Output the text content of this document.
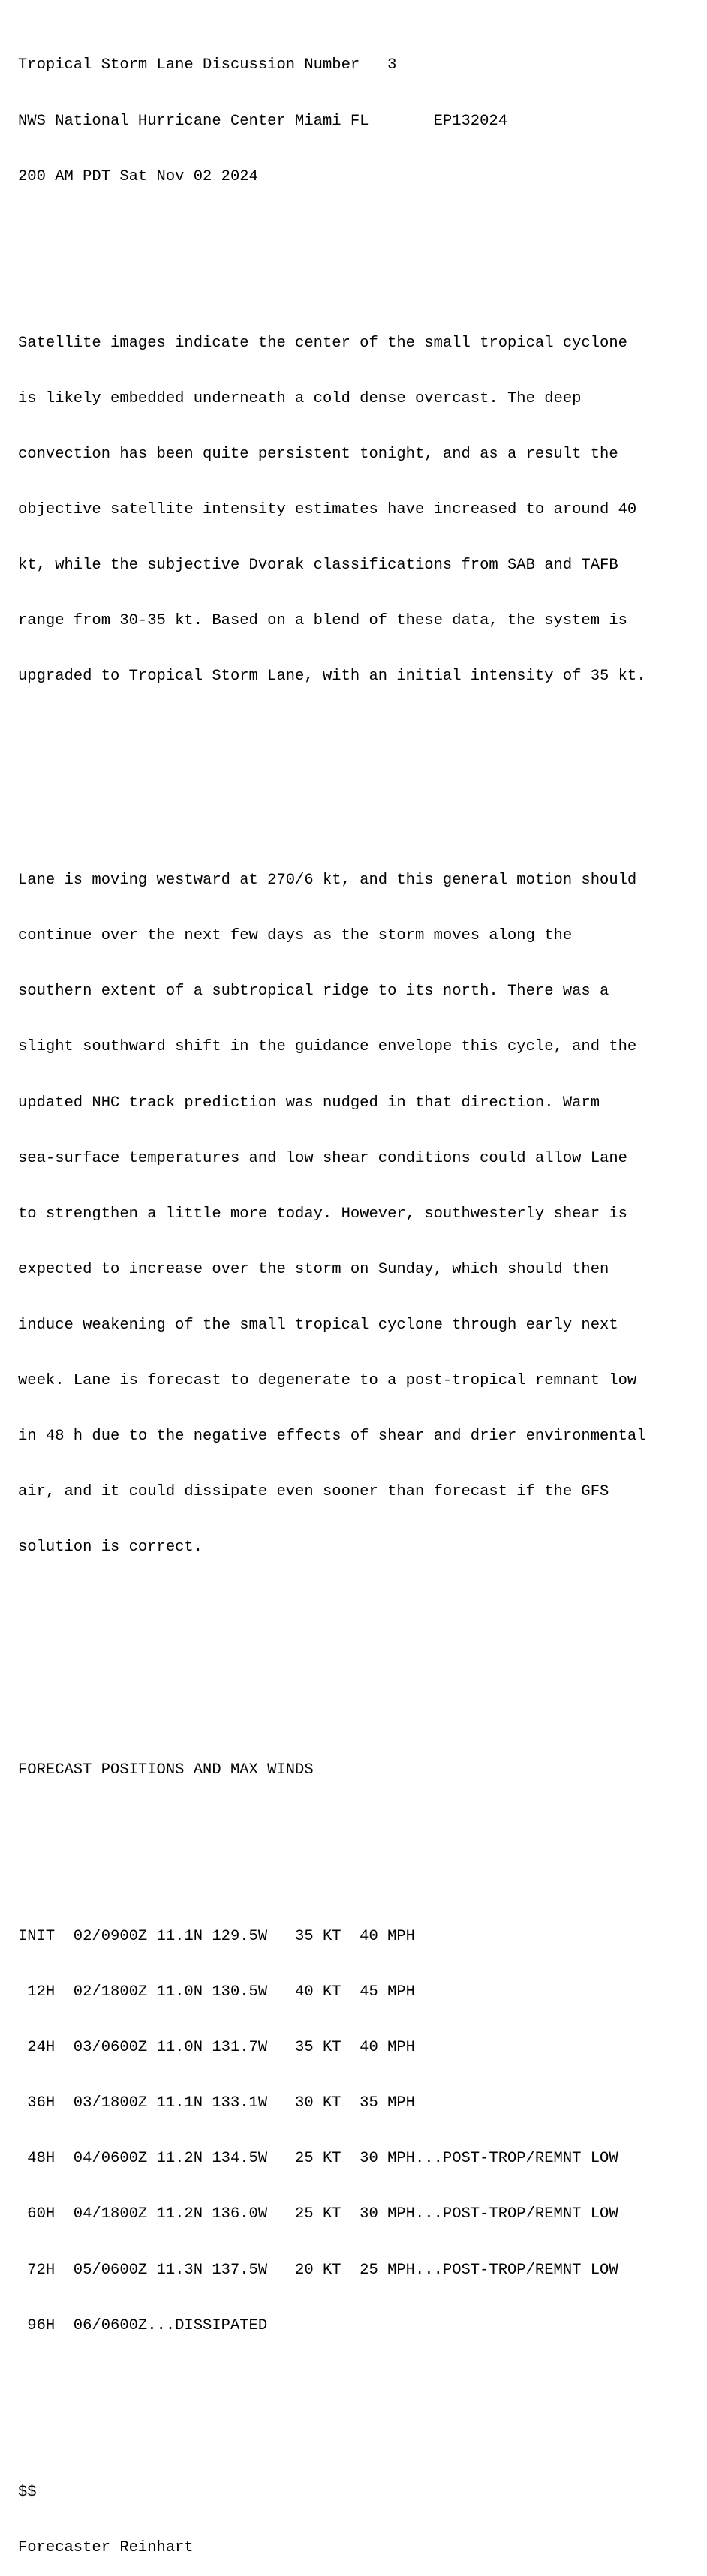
Tropical Storm Lane Discussion Number   3

NWS National Hurricane Center Miami FL       EP132024

200 AM PDT Sat Nov 02 2024

Satellite images indicate the center of the small tropical cyclone

is likely embedded underneath a cold dense overcast. The deep

convection has been quite persistent tonight, and as a result the

objective satellite intensity estimates have increased to around 40

kt, while the subjective Dvorak classifications from SAB and TAFB

range from 30-35 kt. Based on a blend of these data, the system is

upgraded to Tropical Storm Lane, with an initial intensity of 35 kt.

Lane is moving westward at 270/6 kt, and this general motion should

continue over the next few days as the storm moves along the

southern extent of a subtropical ridge to its north. There was a

slight southward shift in the guidance envelope this cycle, and the

updated NHC track prediction was nudged in that direction. Warm

sea-surface temperatures and low shear conditions could allow Lane

to strengthen a little more today. However, southwesterly shear is

expected to increase over the storm on Sunday, which should then

induce weakening of the small tropical cyclone through early next

week. Lane is forecast to degenerate to a post-tropical remnant low

in 48 h due to the negative effects of shear and drier environmental

air, and it could dissipate even sooner than forecast if the GFS

solution is correct.

FORECAST POSITIONS AND MAX WINDS

INIT  02/0900Z 11.1N 129.5W   35 KT  40 MPH

12H  02/1800Z 11.0N 130.5W   40 KT  45 MPH

24H  03/0600Z 11.0N 131.7W   35 KT  40 MPH

36H  03/1800Z 11.1N 133.1W   30 KT  35 MPH

48H  04/0600Z 11.2N 134.5W   25 KT  30 MPH...POST-TROP/REMNT LOW

60H  04/1800Z 11.2N 136.0W   25 KT  30 MPH...POST-TROP/REMNT LOW

72H  05/0600Z 11.3N 137.5W   20 KT  25 MPH...POST-TROP/REMNT LOW

96H  06/0600Z...DISSIPATED

$$

Forecaster Reinhart
